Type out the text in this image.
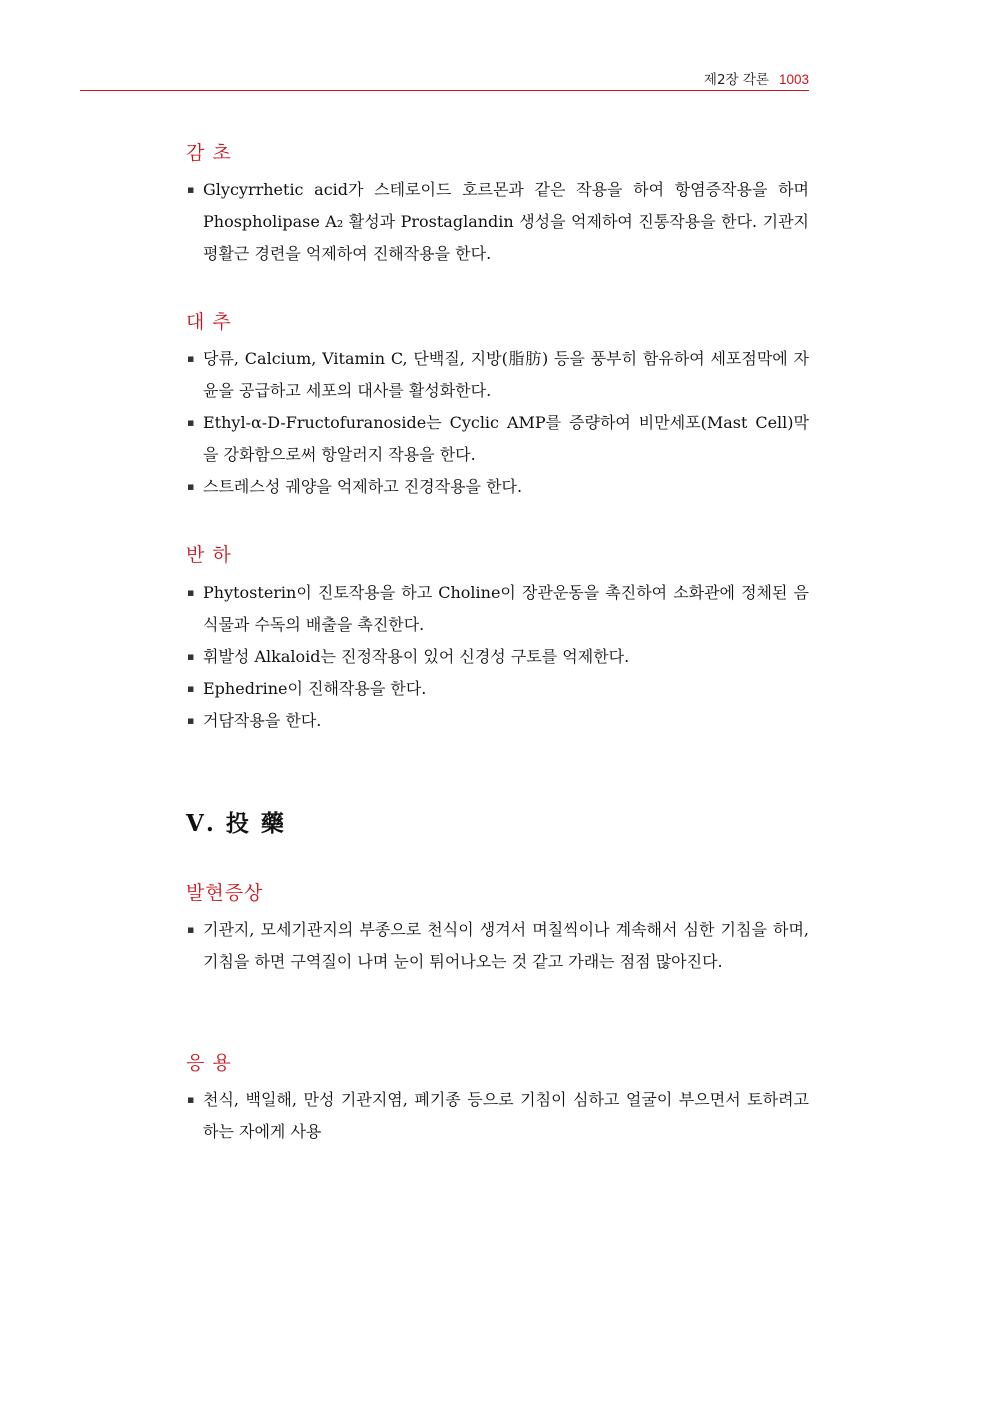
제2장 각론 1003
감 초
▪ Glycyrrhetic acid가 스테로이드 호르몬과 같은 작용을 하여 항염증작용을 하며 Phospholipase A₂ 활성과 Prostaglandin 생성을 억제하여 진통작용을 한다. 기관지 평활근 경련을 억제하여 진해작용을 한다.
대 추
▪ 당류, Calcium, Vitamin C, 단백질, 지방(脂肪) 등을 풍부히 함유하여 세포점막에 자윤을 공급하고 세포의 대사를 활성화한다.
▪ Ethyl-α-D-Fructofuranoside는 Cyclic AMP를 증량하여 비만세포(Mast Cell)막을 강화함으로써 항알러지 작용을 한다.
▪ 스트레스성 궤양을 억제하고 진경작용을 한다.
반 하
▪ Phytosterin이 진토작용을 하고 Choline이 장관운동을 촉진하여 소화관에 정체된 음식물과 수독의 배출을 촉진한다.
▪ 휘발성 Alkaloid는 진정작용이 있어 신경성 구토를 억제한다.
▪ Ephedrine이 진해작용을 한다.
▪ 거담작용을 한다.
Ⅴ. 投 藥
발현증상
▪ 기관지, 모세기관지의 부종으로 천식이 생겨서 며칠씩이나 계속해서 심한 기침을 하며, 기침을 하면 구역질이 나며 눈이 튀어나오는 것 같고 가래는 점점 많아진다.
응 용
▪ 천식, 백일해, 만성 기관지염, 폐기종 등으로 기침이 심하고 얼굴이 부으면서 토하려고 하는 자에게 사용
